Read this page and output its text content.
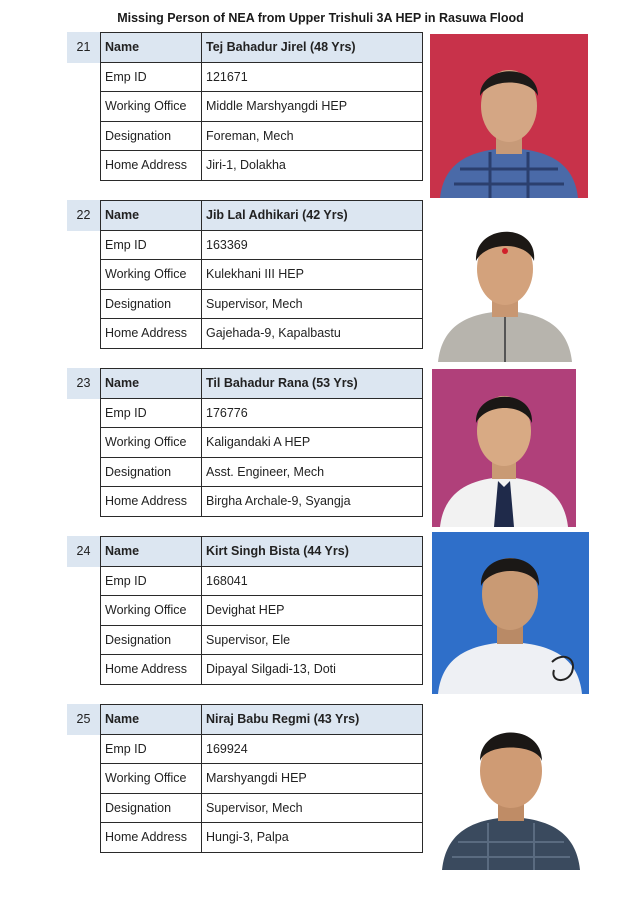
Missing Person of NEA from Upper Trishuli 3A HEP in Rasuwa Flood
21	Name	Tej Bahadur Jirel (48 Yrs)
Emp ID	121671
Working Office	Middle Marshyangdi HEP
Designation	Foreman, Mech
Home Address	Jiri-1, Dolakha
22	Name	Jib Lal Adhikari (42 Yrs)
Emp ID	163369
Working Office	Kulekhani III HEP
Designation	Supervisor, Mech
Home Address	Gajehada-9, Kapalbastu
23	Name	Til Bahadur Rana (53 Yrs)
Emp ID	176776
Working Office	Kaligandaki A HEP
Designation	Asst. Engineer, Mech
Home Address	Birgha Archale-9, Syangja
24	Name	Kirt Singh Bista (44 Yrs)
Emp ID	168041
Working Office	Devighat HEP
Designation	Supervisor, Ele
Home Address	Dipayal Silgadi-13, Doti
25	Name	Niraj Babu Regmi (43 Yrs)
Emp ID	169924
Working Office	Marshyangdi HEP
Designation	Supervisor, Mech
Home Address	Hungi-3, Palpa
